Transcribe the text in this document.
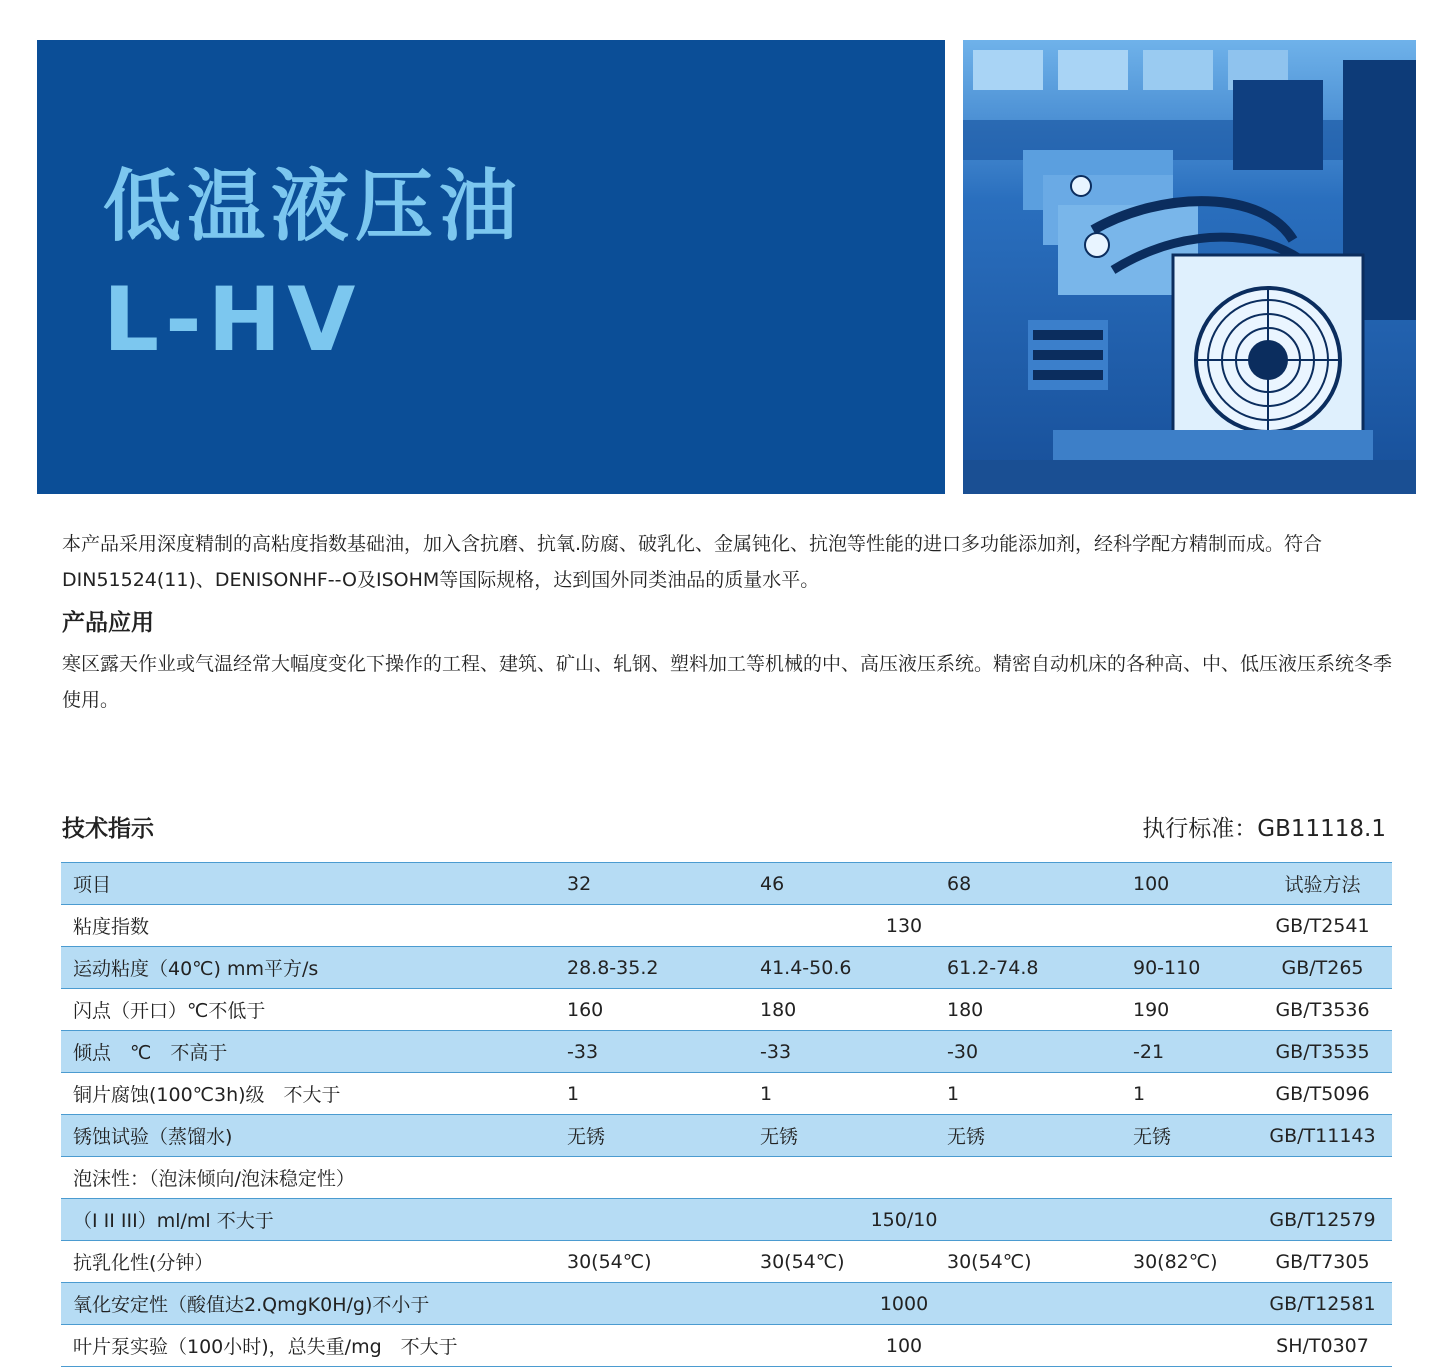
低温液压油
L-HV

本产品采用深度精制的高粘度指数基础油，加入含抗磨、抗氧.防腐、破乳化、金属钝化、抗泡等性能的进口多功能添加剂，经科学配方精制而成。符合DIN51524(11)、DENISONHF--O及ISOHM等国际规格，达到国外同类油品的质量水平。

产品应用

寒区露天作业或气温经常大幅度变化下操作的工程、建筑、矿山、轧钢、塑料加工等机械的中、高压液压系统。精密自动机床的各种高、中、低压液压系统冬季使用。

技术指示	执行标准：GB11118.1
项目	32	46	68	100	试验方法
粘度指数	130				GB/T2541
运动粘度（40℃) mm平方/s	28.8-35.2	41.4-50.6	61.2-74.8	90-110	GB/T265
闪点（开口）℃不低于	160	180	180	190	GB/T3536
倾点　℃　不高于	-33	-33	-30	-21	GB/T3535
铜片腐蚀(100℃3h)级　不大于	1	1	1	1	GB/T5096
锈蚀试验（蒸馏水)	无锈	无锈	无锈	无锈	GB/T11143
泡沫性：（泡沫倾向/泡沫稳定性）					
（I II III）ml/ml 不大于	150/10				GB/T12579
抗乳化性(分钟）	30(54℃)	30(54℃)	30(54℃)	30(82℃)	GB/T7305
氧化安定性（酸值达2.QmgK0H/g)不小于	1000				GB/T12581
叶片泵实验（100小时)，总失重/mg　不大于	100				SH/T0307
